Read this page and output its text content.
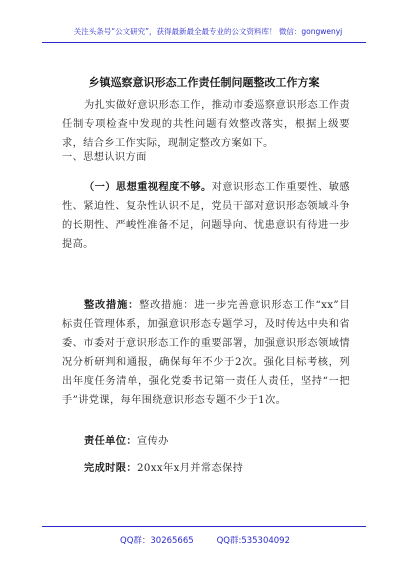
关注头条号“公文研究”，获得最新最全最专业的公文资料库！ 微信：gongwenyj
乡镇巡察意识形态工作责任制问题整改工作方案
为扎实做好意识形态工作，推动市委巡察意识形态工作责任制专项检查中发现的共性问题有效整改落实，根据上级要求，结合乡工作实际，现制定整改方案如下。
一、思想认识方面
（一）思想重视程度不够。对意识形态工作重要性、敏感性、紧迫性、复杂性认识不足，党员干部对意识形态领域斗争的长期性、严峻性准备不足，问题导向、忧患意识有待进一步提高。
整改措施：整改措施：进一步完善意识形态工作“xx”目标责任管理体系，加强意识形态专题学习，及时传达中央和省委、市委对于意识形态工作的重要部署，加强意识形态领域情况分析研判和通报，确保每年不少于2次。强化目标考核，列出年度任务清单，强化党委书记第一责任人责任，坚持“一把手”讲党课，每年围绕意识形态专题不少于1次。
责任单位：宣传办
完成时限：20xx年x月并常态保持
QQ群：30265665	QQ群:535304092
